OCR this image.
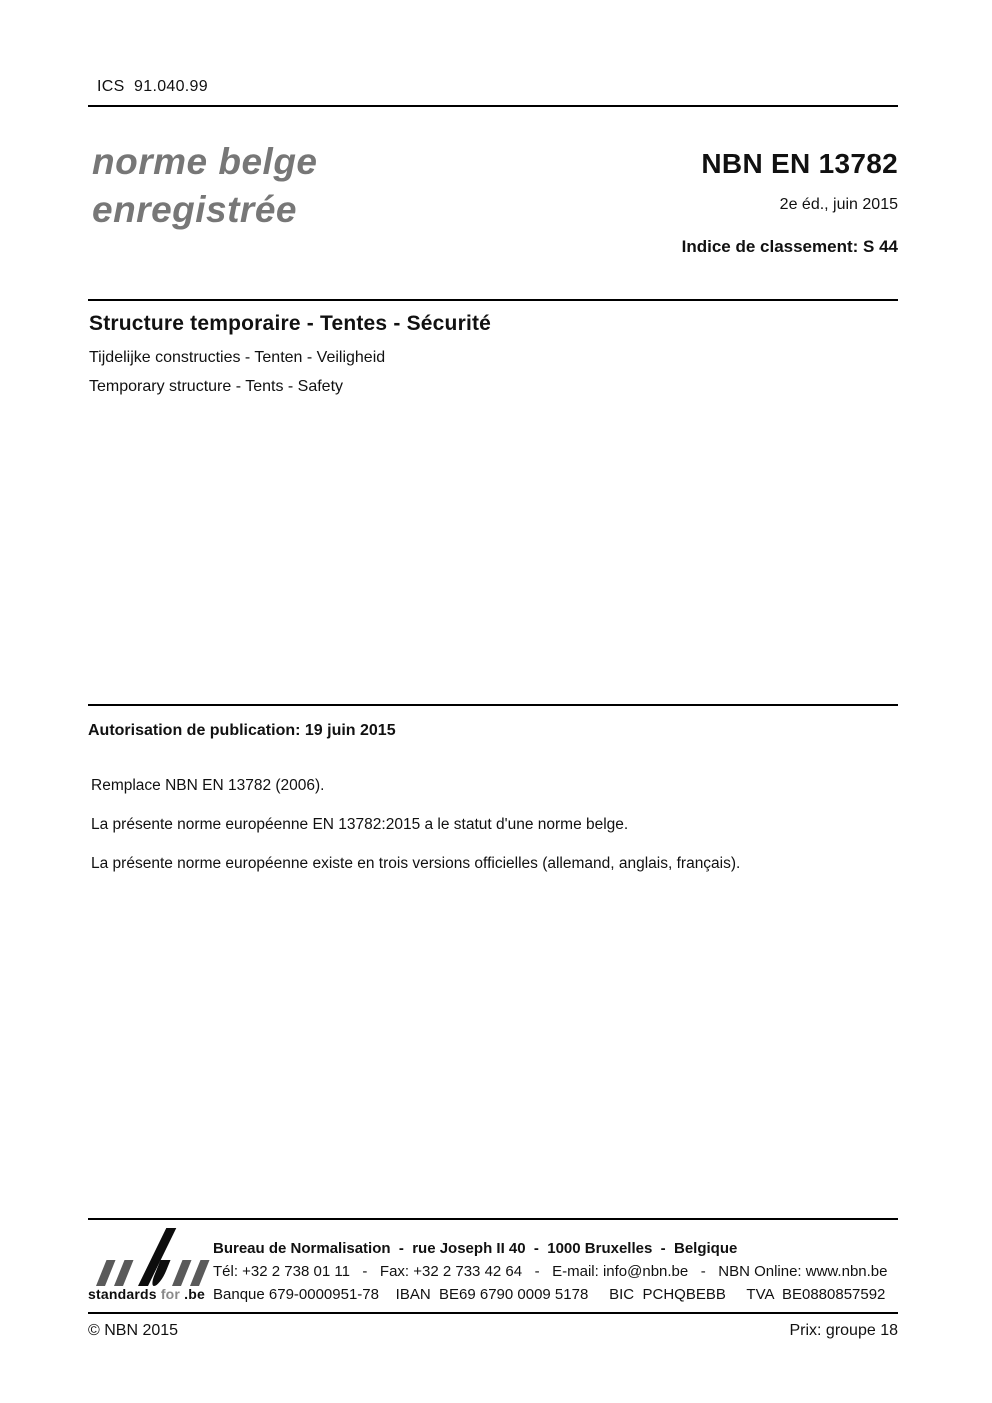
ICS  91.040.99
norme belge
enregistrée
NBN EN 13782
2e éd., juin 2015
Indice de classement: S 44
Structure temporaire - Tentes - Sécurité
Tijdelijke constructies - Tenten - Veiligheid
Temporary structure - Tents - Safety
Autorisation de publication: 19 juin 2015
Remplace NBN EN 13782 (2006).
La présente norme européenne EN 13782:2015 a le statut d'une norme belge.
La présente norme européenne existe en trois versions officielles (allemand, anglais, français).
standards for .be
Bureau de Normalisation  -  rue Joseph II 40  -  1000 Bruxelles  -  Belgique
Tél: +32 2 738 01 11   -   Fax: +32 2 733 42 64   -   E-mail: info@nbn.be   -   NBN Online: www.nbn.be
Banque 679-0000951-78    IBAN  BE69 6790 0009 5178     BIC  PCHQBEBB     TVA  BE0880857592
© NBN 2015	Prix: groupe 18
